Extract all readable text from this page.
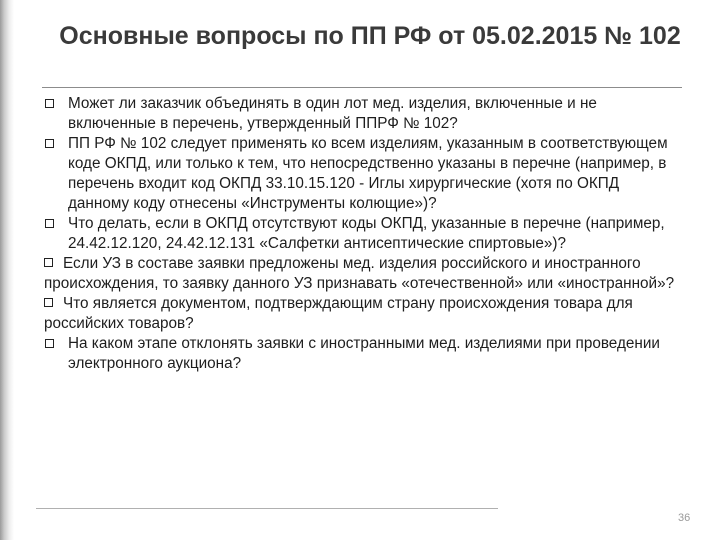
Основные вопросы по ПП РФ от 05.02.2015 № 102
Может ли заказчик объединять в один лот мед. изделия, включенные и не включенные в перечень, утвержденный ППРФ № 102?
ПП РФ № 102 следует применять ко всем изделиям, указанным в соответствующем коде ОКПД, или только к тем, что непосредственно указаны в перечне (например, в перечень входит код ОКПД 33.10.15.120 - Иглы хирургические (хотя по ОКПД данному коду отнесены «Инструменты колющие»)?
Что делать, если в ОКПД отсутствуют коды ОКПД, указанные в перечне (например, 24.42.12.120, 24.42.12.131 «Салфетки антисептические спиртовые»)?
Если УЗ в составе заявки предложены мед. изделия российского и иностранного происхождения, то заявку данного УЗ признавать «отечественной» или «иностранной»?
Что является документом, подтверждающим страну происхождения товара для российских товаров?
На каком этапе отклонять заявки с иностранными мед. изделиями при проведении электронного аукциона?
36
